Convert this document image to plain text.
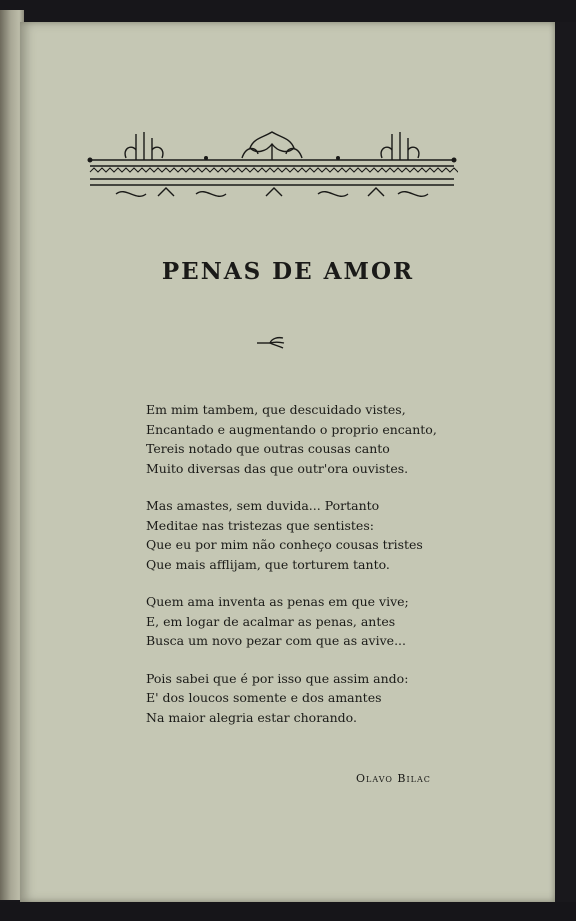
PENAS DE AMOR
Em mim tambem, que descuidado vistes,
Encantado e augmentando o proprio encanto,
Tereis notado que outras cousas canto
Muito diversas das que outr'ora ouvistes.
Mas amastes, sem duvida... Portanto
Meditae nas tristezas que sentistes:
Que eu por mim não conheço cousas tristes
Que mais afflijam, que torturem tanto.
Quem ama inventa as penas em que vive;
E, em logar de acalmar as penas, antes
Busca um novo pezar com que as avive...
Pois sabei que é por isso que assim ando:
E' dos loucos somente e dos amantes
Na maior alegria estar chorando.
Olavo Bilac
